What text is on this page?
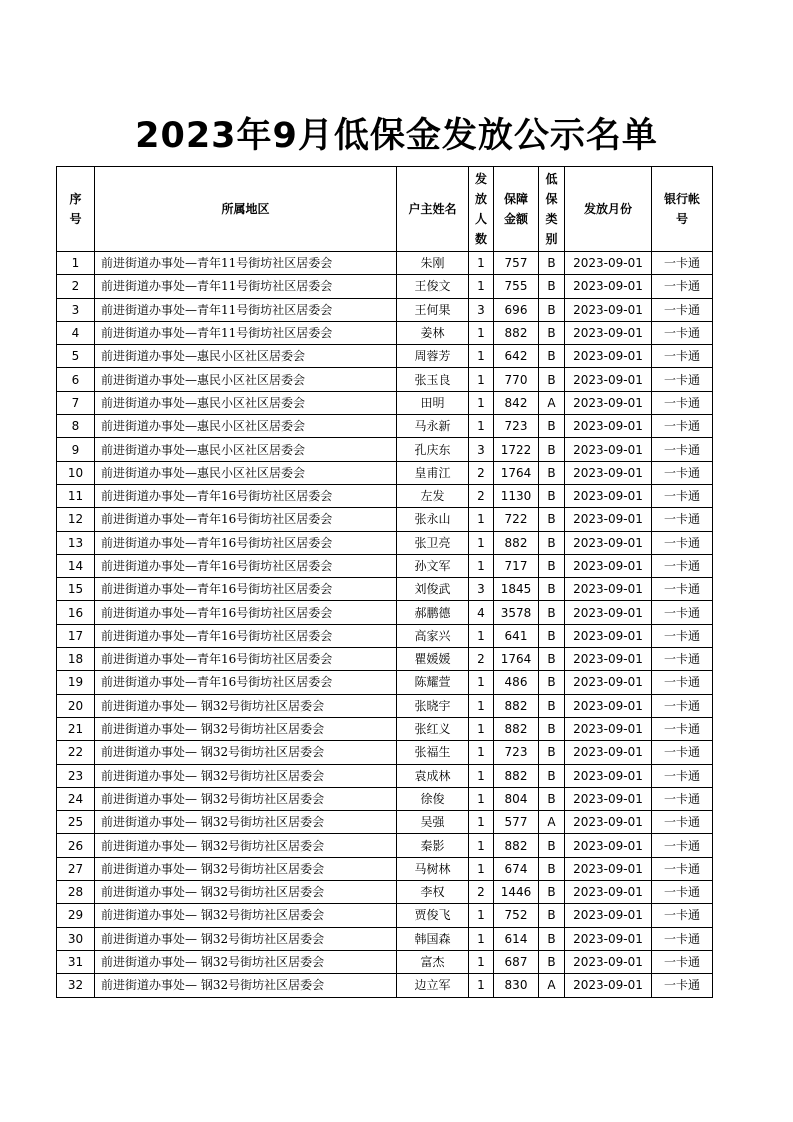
2023年9月低保金发放公示名单
序号	所属地区	户主姓名	发放人数	保障金额	低保类别	发放月份	银行帐号
1	前进街道办事处—青年11号街坊社区居委会	朱刚	1	757	B	2023-09-01	一卡通
2	前进街道办事处—青年11号街坊社区居委会	王俊文	1	755	B	2023-09-01	一卡通
3	前进街道办事处—青年11号街坊社区居委会	王何果	3	696	B	2023-09-01	一卡通
4	前进街道办事处—青年11号街坊社区居委会	姜林	1	882	B	2023-09-01	一卡通
5	前进街道办事处—惠民小区社区居委会	周蓉芳	1	642	B	2023-09-01	一卡通
6	前进街道办事处—惠民小区社区居委会	张玉良	1	770	B	2023-09-01	一卡通
7	前进街道办事处—惠民小区社区居委会	田明	1	842	A	2023-09-01	一卡通
8	前进街道办事处—惠民小区社区居委会	马永新	1	723	B	2023-09-01	一卡通
9	前进街道办事处—惠民小区社区居委会	孔庆东	3	1722	B	2023-09-01	一卡通
10	前进街道办事处—惠民小区社区居委会	皇甫江	2	1764	B	2023-09-01	一卡通
11	前进街道办事处—青年16号街坊社区居委会	左发	2	1130	B	2023-09-01	一卡通
12	前进街道办事处—青年16号街坊社区居委会	张永山	1	722	B	2023-09-01	一卡通
13	前进街道办事处—青年16号街坊社区居委会	张卫亮	1	882	B	2023-09-01	一卡通
14	前进街道办事处—青年16号街坊社区居委会	孙文军	1	717	B	2023-09-01	一卡通
15	前进街道办事处—青年16号街坊社区居委会	刘俊武	3	1845	B	2023-09-01	一卡通
16	前进街道办事处—青年16号街坊社区居委会	郝鹏德	4	3578	B	2023-09-01	一卡通
17	前进街道办事处—青年16号街坊社区居委会	高家兴	1	641	B	2023-09-01	一卡通
18	前进街道办事处—青年16号街坊社区居委会	瞿媛媛	2	1764	B	2023-09-01	一卡通
19	前进街道办事处—青年16号街坊社区居委会	陈耀萱	1	486	B	2023-09-01	一卡通
20	前进街道办事处— 钢32号街坊社区居委会	张晓宇	1	882	B	2023-09-01	一卡通
21	前进街道办事处— 钢32号街坊社区居委会	张红义	1	882	B	2023-09-01	一卡通
22	前进街道办事处— 钢32号街坊社区居委会	张福生	1	723	B	2023-09-01	一卡通
23	前进街道办事处— 钢32号街坊社区居委会	袁成林	1	882	B	2023-09-01	一卡通
24	前进街道办事处— 钢32号街坊社区居委会	徐俊	1	804	B	2023-09-01	一卡通
25	前进街道办事处— 钢32号街坊社区居委会	吴强	1	577	A	2023-09-01	一卡通
26	前进街道办事处— 钢32号街坊社区居委会	秦影	1	882	B	2023-09-01	一卡通
27	前进街道办事处— 钢32号街坊社区居委会	马树林	1	674	B	2023-09-01	一卡通
28	前进街道办事处— 钢32号街坊社区居委会	李权	2	1446	B	2023-09-01	一卡通
29	前进街道办事处— 钢32号街坊社区居委会	贾俊飞	1	752	B	2023-09-01	一卡通
30	前进街道办事处— 钢32号街坊社区居委会	韩国森	1	614	B	2023-09-01	一卡通
31	前进街道办事处— 钢32号街坊社区居委会	富杰	1	687	B	2023-09-01	一卡通
32	前进街道办事处— 钢32号街坊社区居委会	边立军	1	830	A	2023-09-01	一卡通
